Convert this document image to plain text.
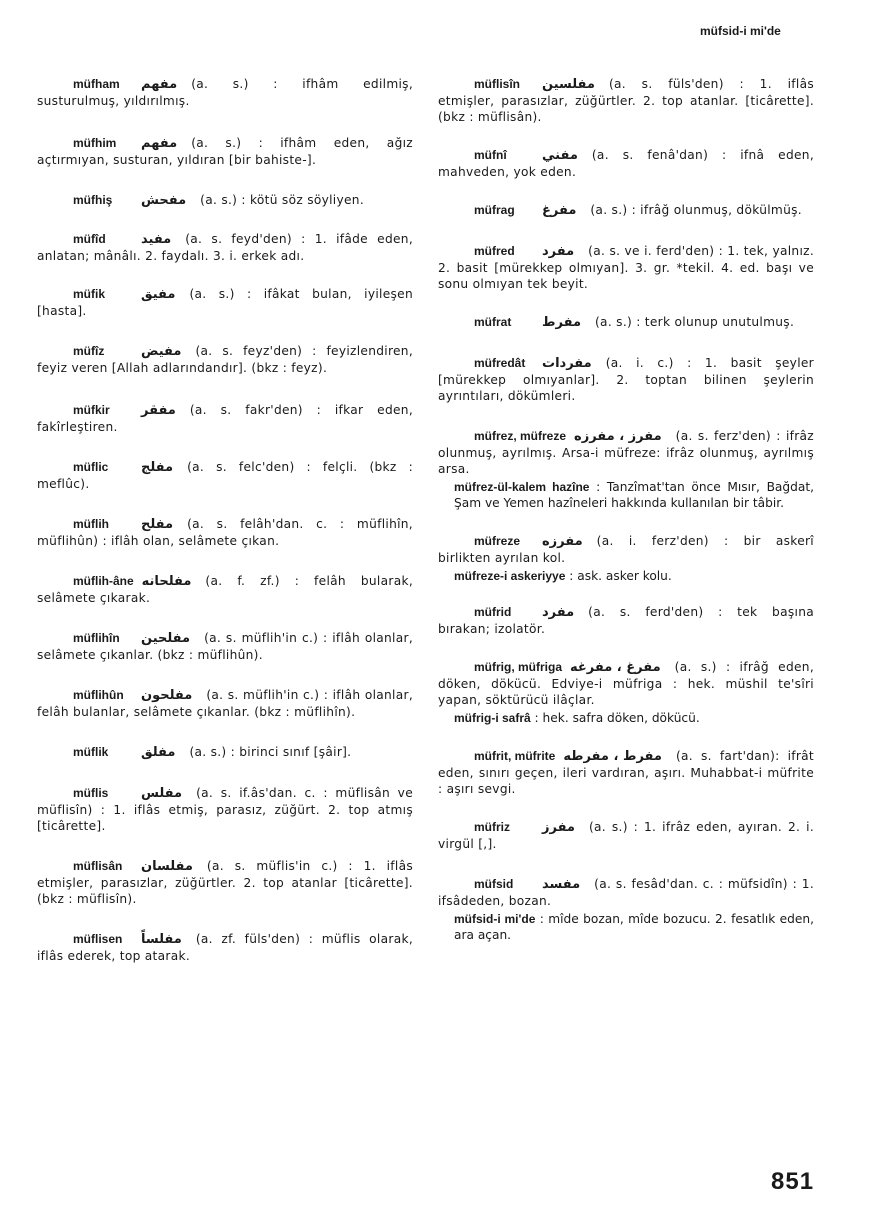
müfsid-i mi'de
müfham مفهم (a. s.) : ifhâm edilmiş, susturulmuş, yıldırılmış.
müfhim مفهم (a. s.) : ifhâm eden, ağız açtırmıyan, susturan, yıldıran [bir bahiste-].
müfhiş مفحش (a. s.) : kötü söz söyliyen.
müfîd	مفيد (a. s. feyd'den) : 1. ifâde eden, anlatan; mânâlı. 2. faydalı. 3. i. erkek adı.
müfik	مفيق (a. s.) : ifâkat bulan, iyileşen [hasta].
müfîz	مفيض (a. s. feyz'den) : feyizlendiren, feyiz veren [Allah adlarındandır]. (bkz : feyz).
müfkir مفقر (a. s. fakr'den) : ifkar eden, fakîrleştiren.
müflic	مفلج (a. s. felc'den) : felçli. (bkz : meflûc).
müflih مفلح (a. s. felâh'dan. c. : müflihîn, müflihûn) : iflâh olan, selâmete çıkan.
müflih-âne مفلحانه (a. f. zf.) : felâh bularak, selâmete çıkarak.
müflihîn مفلحين (a. s. müflih'in c.) : iflâh olanlar, selâmete çıkanlar. (bkz : müflihûn).
müflihûn مفلحون (a. s. müflih'in c.) : iflâh olanlar, felâh bulanlar, selâmete çıkanlar. (bkz : müflihîn).
müflik	مفلق (a. s.) : birinci sınıf [şâir].
müflis	مفلس (a. s. if.âs'dan. c. : müflisân ve müflisîn) : 1. iflâs etmiş, parasız, züğürt. 2. top atmış [ticârette].
müflisân مفلسان (a. s. müflis'in c.) : 1. iflâs etmişler, parasızlar, züğürtler. 2. top atanlar [ticârette]. (bkz : müflisîn).
müflisen مفلساً (a. zf. füls'den) : müflis olarak, iflâs ederek, top atarak.
müflisîn مفلسين (a. s. füls'den) : 1. iflâs etmişler, parasızlar, züğürtler. 2. top atanlar. [ticârette]. (bkz : müflisân).
müfnî	مفني (a. s. fenâ'dan) : ifnâ eden, mahveden, yok eden.
müfrag مفرغ (a. s.) : ifrâğ olunmuş, dökülmüş.
müfred مفرد (a. s. ve i. ferd'den) : 1. tek, yalnız. 2. basit [mürekkep olmıyan]. 3. gr. *tekil. 4. ed. başı ve sonu olmıyan tek beyit.
müfrat مفرط (a. s.) : terk olunup unutulmuş.
müfredât مفردات (a. i. c.) : 1. basit şeyler [mürekkep olmıyanlar]. 2. toptan bilinen şeylerin ayrıntıları, dökümleri.
müfrez, müfreze مفرز ، مفرزه (a. s. ferz'den) : ifrâz olunmuş, ayrılmış. Arsa-i müfreze: ifrâz olunmuş, ayrılmış arsa.
müfrez-ül-kalem hazîne : Tanzîmat'tan önce Mısır, Bağdat, Şam ve Yemen hazîneleri hakkında kullanılan bir tâbir.
müfreze مفرزه (a. i. ferz'den) : bir askerî birlikten ayrılan kol.
müfreze-i askeriyye : ask. asker kolu.
müfrid مفرد (a. s. ferd'den) : tek başına bırakan; izolatör.
müfrig, müfriga مفرغ ، مفرغه (a. s.) : ifrâğ eden, döken, dökücü. Edviye-i müfriga : hek. müshil te'sîri yapan, söktürücü ilâçlar.
müfrig-i safrâ : hek. safra döken, dökücü.
müfrit, müfrite مفرط ، مفرطه (a. s. fart'dan): ifrât eden, sınırı geçen, ileri vardıran, aşırı. Muhabbat-i müfrite : aşırı sevgi.
müfriz مفرز (a. s.) : 1. ifrâz eden, ayıran. 2. i. virgül [,].
müfsid مفسد (a. s. fesâd'dan. c. : müfsidîn) : 1. ifsâdeden, bozan.
müfsid-i mi'de : mîde bozan, mîde bozucu. 2. fesatlık eden, ara açan.
851
